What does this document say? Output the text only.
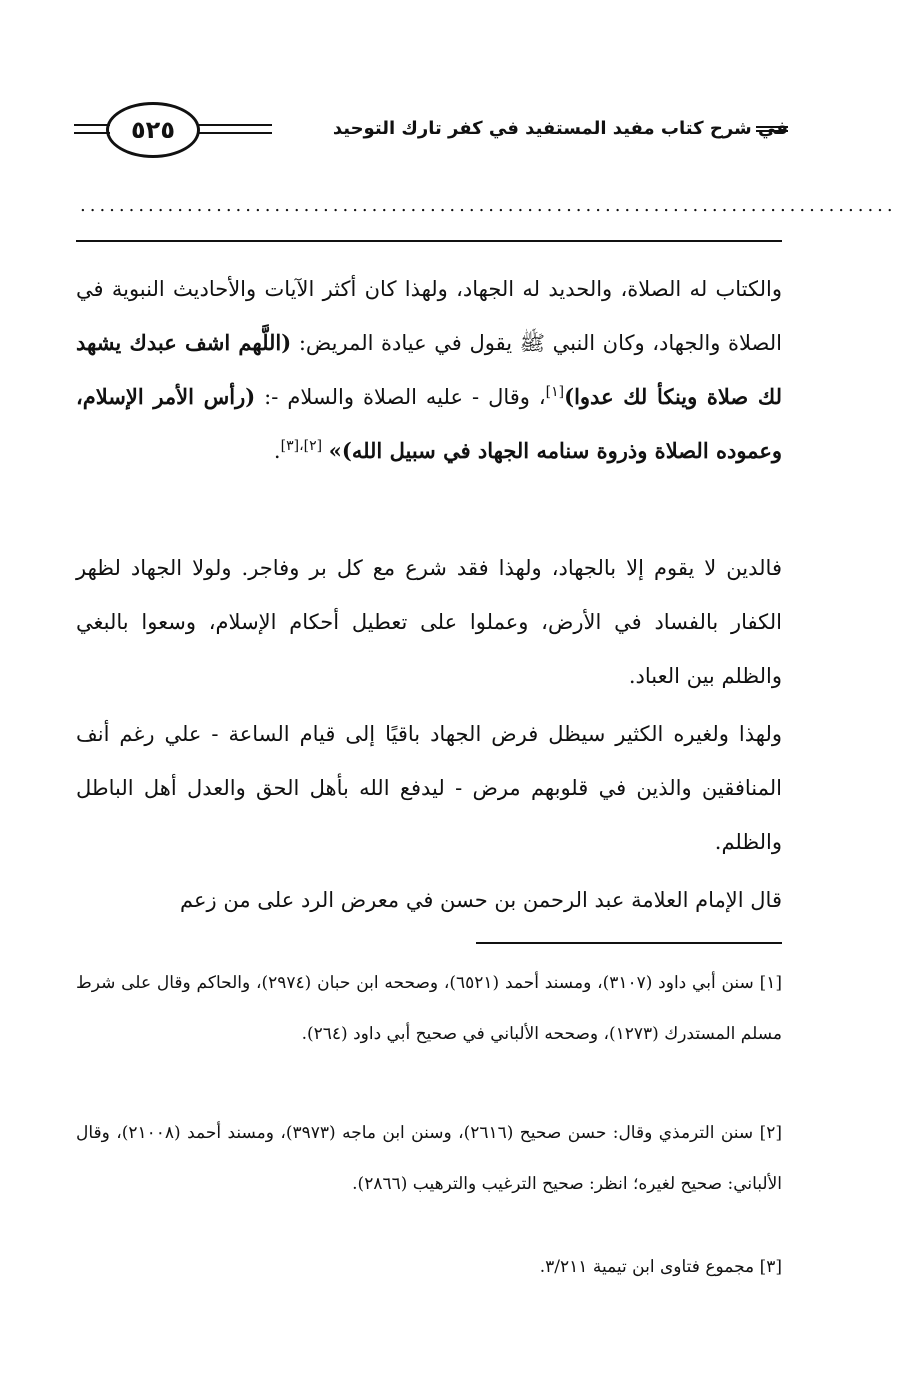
في شرح كتاب مفيد المستفيد في كفر تارك التوحيد
٥٢٥
....................................................................................

والكتاب له الصلاة، والحديد له الجهاد، ولهذا كان أكثر الآيات والأحاديث النبوية في الصلاة والجهاد، وكان النبي ﷺ يقول في عيادة المريض: (اللَّهم اشف عبدك يشهد لك صلاة وينكأ لك عدوا)[١]، وقال - عليه الصلاة والسلام -: (رأس الأمر الإسلام، وعموده الصلاة وذروة سنامه الجهاد في سبيل الله)» [٢]،[٣].

فالدين لا يقوم إلا بالجهاد، ولهذا فقد شرع مع كل بر وفاجر. ولولا الجهاد لظهر الكفار بالفساد في الأرض، وعملوا على تعطيل أحكام الإسلام، وسعوا بالبغي والظلم بين العباد.

ولهذا ولغيره الكثير سيظل فرض الجهاد باقيًا إلى قيام الساعة - علي رغم أنف المنافقين والذين في قلوبهم مرض - ليدفع الله بأهل الحق والعدل أهل الباطل والظلم.

قال الإمام العلامة عبد الرحمن بن حسن في معرض الرد على من زعم

[١] سنن أبي داود (٣١٠٧)، ومسند أحمد (٦٥٢١)، وصححه ابن حبان (٢٩٧٤)، والحاكم وقال على شرط مسلم المستدرك (١٢٧٣)، وصححه الألباني في صحيح أبي داود (٢٦٤).

[٢] سنن الترمذي وقال: حسن صحيح (٢٦١٦)، وسنن ابن ماجه (٣٩٧٣)، ومسند أحمد (٢١٠٠٨)، وقال الألباني: صحيح لغيره؛ انظر: صحيح الترغيب والترهيب (٢٨٦٦).

[٣] مجموع فتاوى ابن تيمية ٣/٢١١.
